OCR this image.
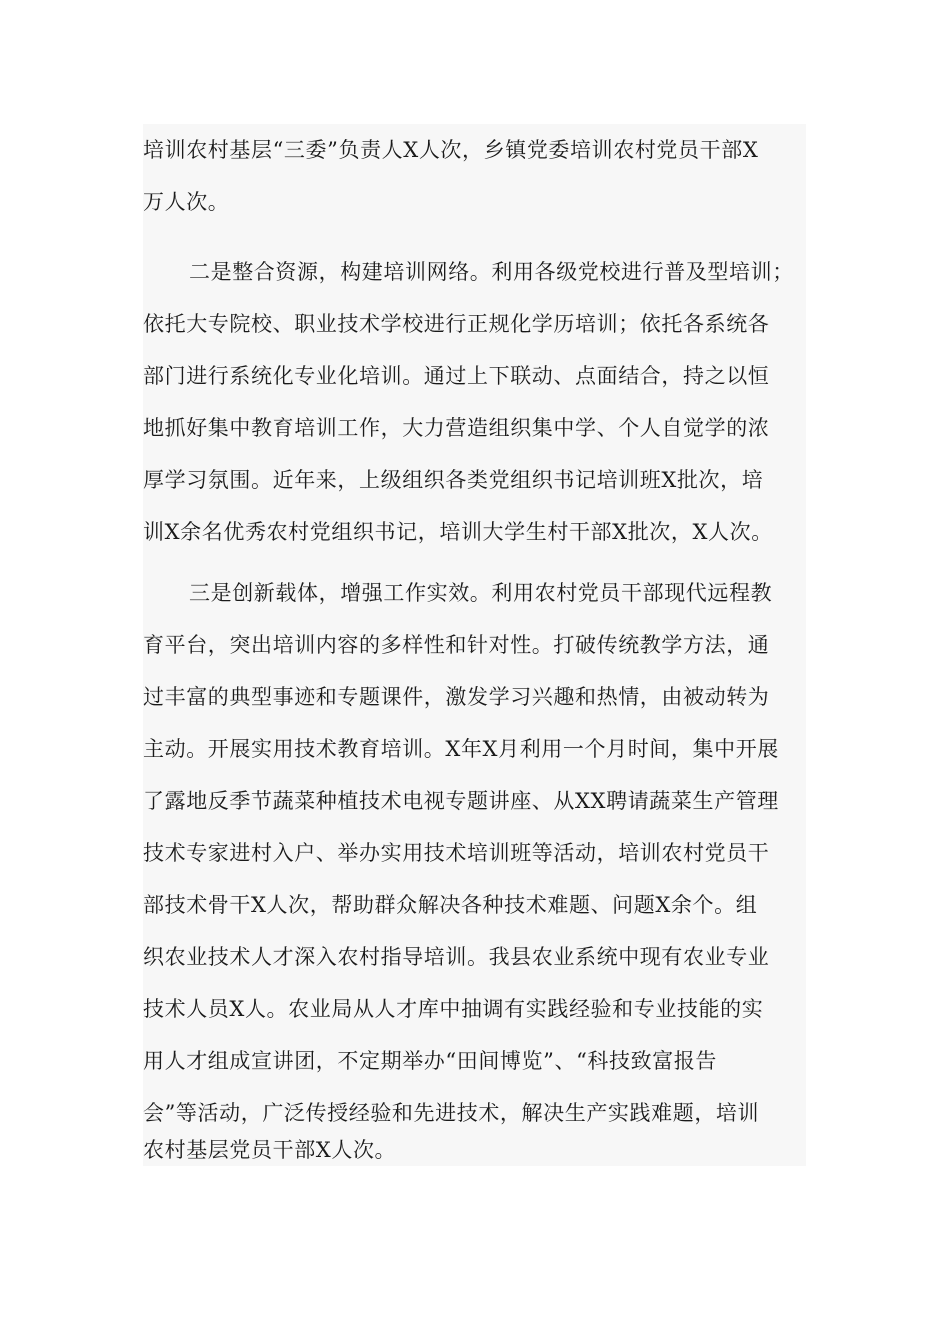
培训农村基层“三委”负责人X人次，乡镇党委培训农村党员干部X
万人次。
二是整合资源，构建培训网络。利用各级党校进行普及型培训；
依托大专院校、职业技术学校进行正规化学历培训；依托各系统各
部门进行系统化专业化培训。通过上下联动、点面结合，持之以恒
地抓好集中教育培训工作，大力营造组织集中学、个人自觉学的浓
厚学习氛围。近年来，上级组织各类党组织书记培训班X批次，培
训X余名优秀农村党组织书记，培训大学生村干部X批次，X人次。
三是创新载体，增强工作实效。利用农村党员干部现代远程教
育平台，突出培训内容的多样性和针对性。打破传统教学方法，通
过丰富的典型事迹和专题课件，激发学习兴趣和热情，由被动转为
主动。开展实用技术教育培训。X年X月利用一个月时间，集中开展
了露地反季节蔬菜种植技术电视专题讲座、从XX聘请蔬菜生产管理
技术专家进村入户、举办实用技术培训班等活动，培训农村党员干
部技术骨干X人次，帮助群众解决各种技术难题、问题X余个。组
织农业技术人才深入农村指导培训。我县农业系统中现有农业专业
技术人员X人。农业局从人才库中抽调有实践经验和专业技能的实
用人才组成宣讲团，不定期举办“田间博览”、“科技致富报告
会”等活动，广泛传授经验和先进技术，解决生产实践难题，培训
农村基层党员干部X人次。
